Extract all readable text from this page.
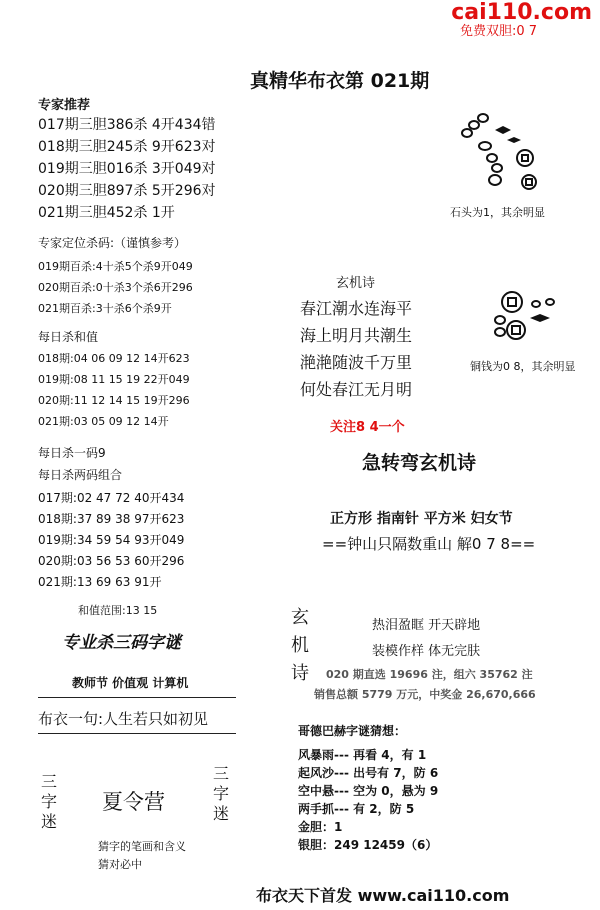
cai110.com
免费双胆:0 7
真精华布衣第 021期
专家推荐
017期三胆386杀 4开434错
018期三胆245杀 9开623对
019期三胆016杀 3开049对
020期三胆897杀 5开296对
021期三胆452杀 1开
专家定位杀码:（谨慎参考）
019期百杀:4十杀5个杀9开049
020期百杀:0十杀3个杀6开296
021期百杀:3十杀6个杀9开
每日杀和值
018期:04 06 09 12 14开623
019期:08 11 15 19 22开049
020期:11 12 14 15 19开296
021期:03 05 09 12 14开
每日杀一码9
每日杀两码组合
017期:02 47 72 40开434
018期:37 89 38 97开623
019期:34 59 54 93开049
020期:03 56 53 60开296
021期:13 69 63 91开
和值范围:13 15
专业杀三码字谜
教师节 价值观 计算机
布衣一句:人生若只如初见
三
字
迷
夏令营
三
字
迷
猜字的笔画和含义
猜对必中
石头为1，其余明显
玄机诗
春江潮水连海平
海上明月共潮生
滟滟随波千万里
何处春江无月明
铜钱为0 8，其余明显
关注8 4一个
急转弯玄机诗
正方形 指南针 平方米 妇女节
==钟山只隔数重山 解0 7 8==
玄
机
诗
热泪盈眶 开天辟地
装模作样 体无完肤
020 期直选 19696 注，组六 35762 注
销售总额 5779 万元，中奖金 26,670,666
哥德巴赫字谜猜想：
风暴雨--- 再看 4，有 1
起风沙--- 出号有 7，防 6
空中悬--- 空为 0，悬为 9
两手抓--- 有 2，防 5
金胆：1
银胆：249 12459（6）
布衣天下首发 www.cai110.com
